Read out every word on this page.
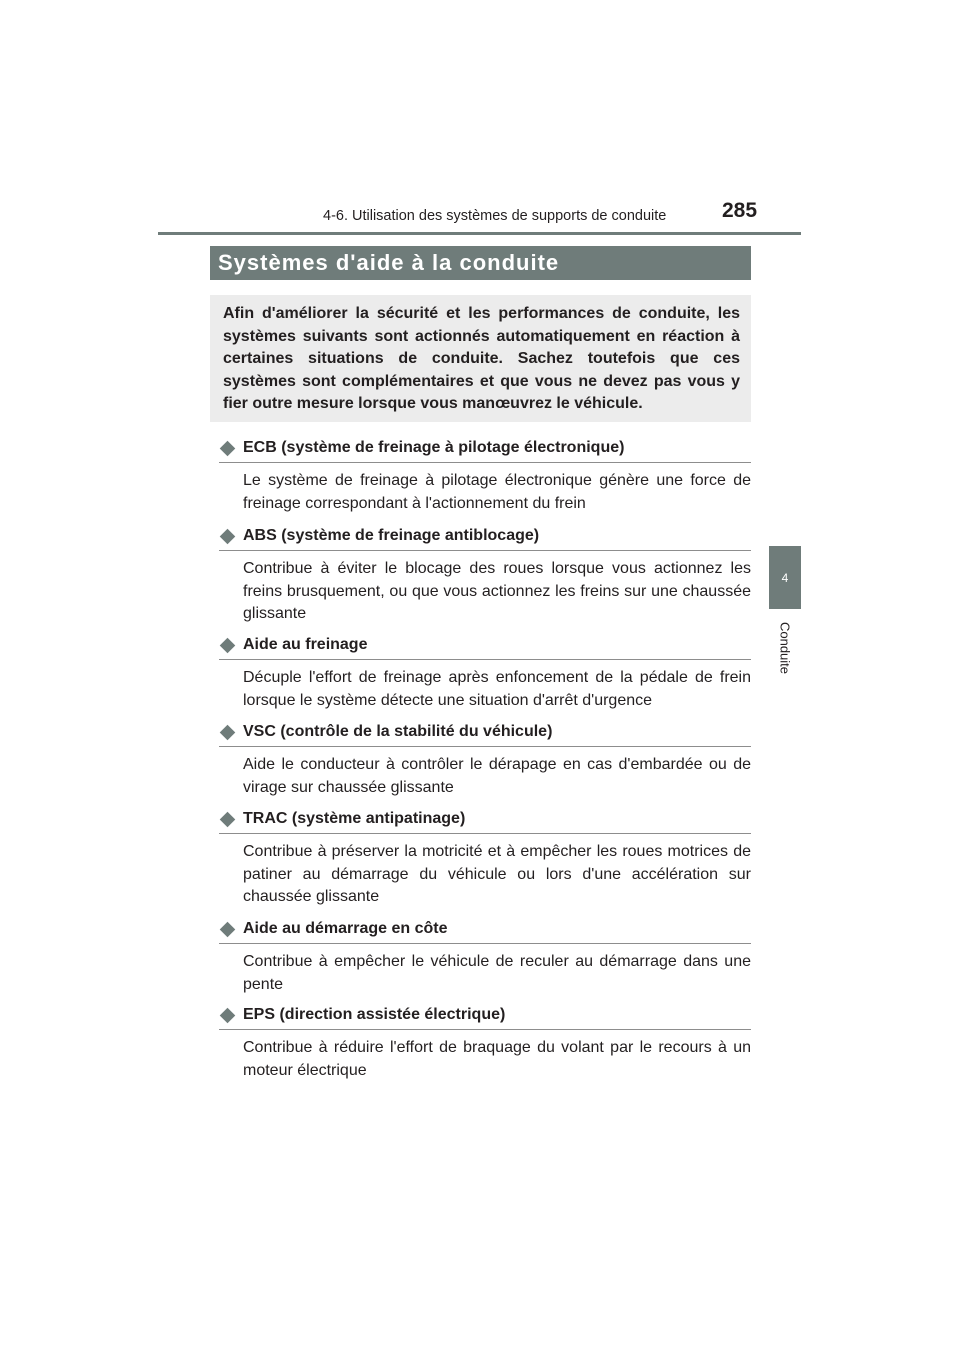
4-6. Utilisation des systèmes de supports de conduite	285
4
Conduite
Systèmes d'aide à la conduite
Afin d'améliorer la sécurité et les performances de conduite, les systèmes suivants sont actionnés automatiquement en réaction à certaines situations de conduite. Sachez toutefois que ces systèmes sont complémentaires et que vous ne devez pas vous y fier outre mesure lorsque vous manœuvrez le véhicule.
ECB (système de freinage à pilotage électronique)
Le système de freinage à pilotage électronique génère une force de freinage correspondant à l'actionnement du frein
ABS (système de freinage antiblocage)
Contribue à éviter le blocage des roues lorsque vous actionnez les freins brusquement, ou que vous actionnez les freins sur une chaussée glissante
Aide au freinage
Décuple l'effort de freinage après enfoncement de la pédale de frein lorsque le système détecte une situation d'arrêt d'urgence
VSC (contrôle de la stabilité du véhicule)
Aide le conducteur à contrôler le dérapage en cas d'embardée ou de virage sur chaussée glissante
TRAC (système antipatinage)
Contribue à préserver la motricité et à empêcher les roues motrices de patiner au démarrage du véhicule ou lors d'une accélération sur chaussée glissante
Aide au démarrage en côte
Contribue à empêcher le véhicule de reculer au démarrage dans une pente
EPS (direction assistée électrique)
Contribue à réduire l'effort de braquage du volant par le recours à un moteur électrique
